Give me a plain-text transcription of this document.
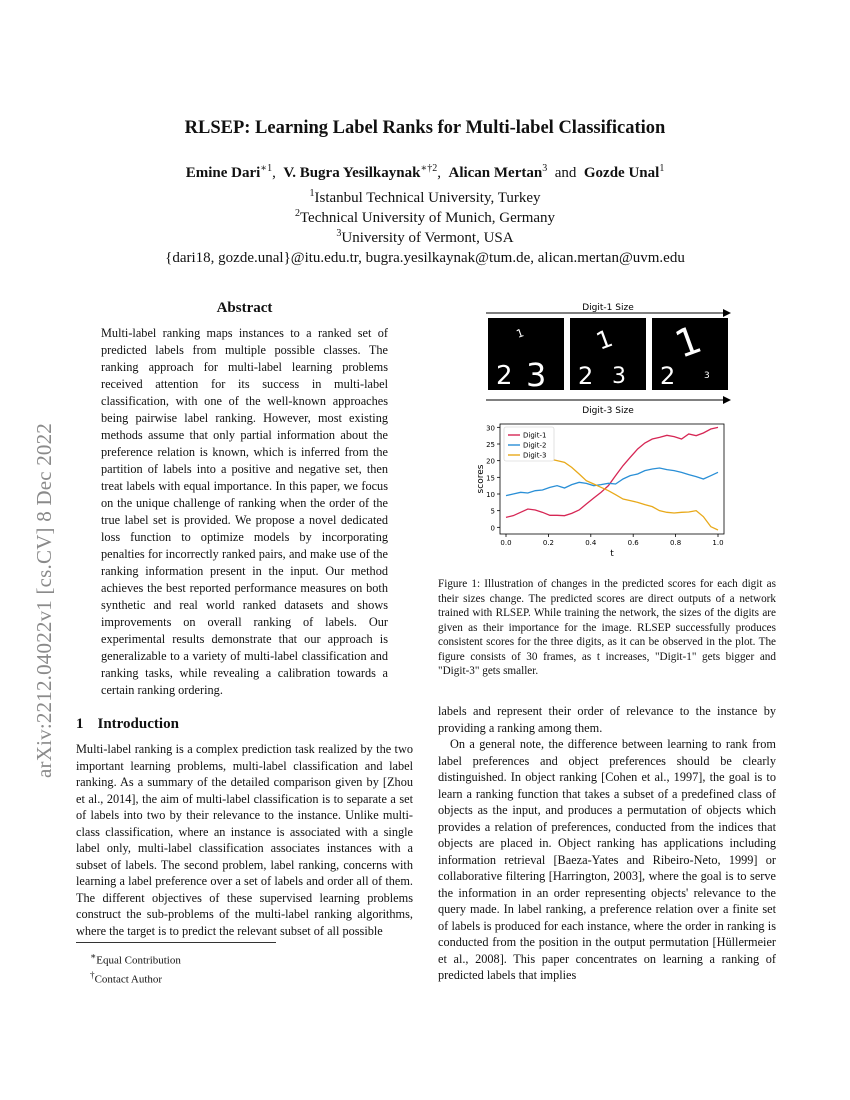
arXiv:2212.04022v1 [cs.CV] 8 Dec 2022
RLSEP: Learning Label Ranks for Multi-label Classification
Emine Dari$^{∗1}$, V. Bugra Yesilkaynak$^{∗\dagger 2}$, Alican Mertan$^3$ and Gozde Unal$^1$
$^1$Istanbul Technical University, Turkey
$^2$Technical University of Munich, Germany
$^3$University of Vermont, USA
{dari18, gozde.unal}@itu.edu.tr, bugra.yesilkaynak@tum.de, alican.mertan@uvm.edu
Abstract
Multi-label ranking maps instances to a ranked set of predicted labels from multiple possible classes. The ranking approach for multi-label learning problems received attention for its success in multi-label classification, with one of the well-known approaches being pairwise label ranking. However, most existing methods assume that only partial information about the preference relation is known, which is inferred from the partition of labels into a positive and negative set, then treat labels with equal importance. In this paper, we focus on the unique challenge of ranking when the order of the true label set is provided. We propose a novel dedicated loss function to optimize models by incorporating penalties for incorrectly ranked pairs, and make use of the ranking information present in the input. Our method achieves the best reported performance measures on both synthetic and real world ranked datasets and shows improvements on overall ranking of labels. Our experimental results demonstrate that our approach is generalizable to a variety of multi-label classification and ranking tasks, while revealing a calibration towards a certain ranking ordering.
1 Introduction

Multi-label ranking is a complex prediction task realized by the two important learning problems, multi-label classification and label ranking. As a summary of the detailed comparison given by [Zhou et al., 2014], the aim of multi-label classification is to separate a set of labels into two by their relevance to the instance. Unlike multi-class classification, where an instance is associated with a single label only, multi-label classification associates instances with a subset of labels. The second problem, label ranking, concerns with learning a label preference over a set of labels and order all of them. The different objectives of these supervised learning problems construct the sub-problems of the multi-label ranking algorithms, where the target is to predict the relevant subset of all possible

∗Equal Contribution
†Contact Author
Digit-1 Size
Digit-3 Size
1
2 3
1
2 3
1
2	3
0
5
10
15
20
25
30
0.0	0.2	0.4	0.6	0.8	1.0
Digit-1
Digit-2
Digit-3
t
scores
Figure 1: Illustration of changes in the predicted scores for each digit as their sizes change. The predicted scores are direct outputs of a network trained with RLSEP. While training the network, the sizes of the digits are given as their importance for the image. RLSEP successfully produces consistent scores for the three digits, as it can be observed in the plot. The figure consists of 30 frames, as t increases, "Digit-1" gets bigger and "Digit-3" gets smaller.

labels and represent their order of relevance to the instance by providing a ranking among them.

On a general note, the difference between learning to rank from label preferences and object preferences should be clearly distinguished. In object ranking [Cohen et al., 1997], the goal is to learn a ranking function that takes a subset of a predefined class of objects as the input, and produces a permutation of objects which provides a relation of preferences, conducted from the indices that objects are placed in. Object ranking has applications including information retrieval [Baeza-Yates and Ribeiro-Neto, 1999] or collaborative filtering [Harrington, 2003], where the goal is to serve the information in an order representing objects' relevance to the query made. In label ranking, a preference relation over a finite set of labels is produced for each instance, where the order in ranking is conducted from the position in the output permutation [Hüllermeier et al., 2008]. This paper concentrates on learning a ranking of predicted labels that implies
